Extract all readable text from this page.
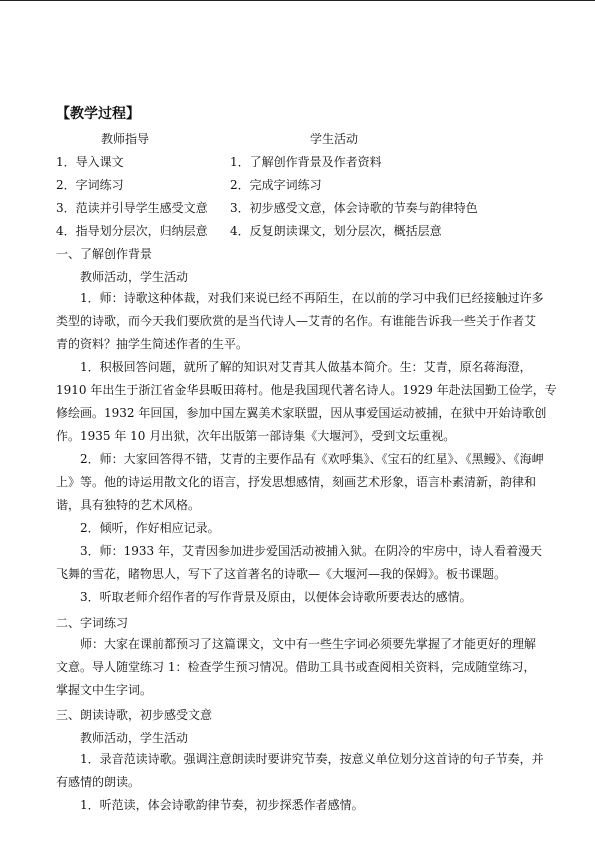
【教学过程】
教师指导	学生活动
1．导入课文	1．了解创作背景及作者资料
2．字词练习	2．完成字词练习
3．范读并引导学生感受文意 3．初步感受文意，体会诗歌的节奏与韵律特色
4．指导划分层次，归纳层意 4．反复朗读课文，划分层次，概括层意
一、了解创作背景
教师活动，学生活动
1．师：诗歌这种体裁，对我们来说已经不再陌生，在以前的学习中我们已经接触过许多
类型的诗歌，而今天我们要欣赏的是当代诗人—艾青的名作。有谁能告诉我一些关于作者艾
青的资料？抽学生简述作者的生平。
1．积极回答问题，就所了解的知识对艾青其人做基本简介。生：艾青，原名蒋海澄，
1910 年出生于浙江省金华县畈田蒋村。他是我国现代著名诗人。1929 年赴法国勤工俭学，专
修绘画。1932 年回国，参加中国左翼美术家联盟，因从事爱国运动被捕，在狱中开始诗歌创
作。1935 年 10 月出狱，次年出版第一部诗集《大堰河》，受到文坛重视。
2．师：大家回答得不错，艾青的主要作品有《欢呼集》、《宝石的红星》、《黑鳗》、《海岬
上》等。他的诗运用散文化的语言，抒发思想感情，刻画艺术形象，语言朴素清新，韵律和
谐，具有独特的艺术风格。
2．倾听，作好相应记录。
3．师：1933 年，艾青因参加进步爱国活动被捕入狱。在阴冷的牢房中，诗人看着漫天
飞舞的雪花，睹物思人，写下了这首著名的诗歌—《大堰河—我的保姆》。板书课题。
3．听取老师介绍作者的写作背景及原由，以便体会诗歌所要表达的感情。
二、字词练习
师：大家在课前都预习了这篇课文，文中有一些生字词必须要先掌握了才能更好的理解
文意。导人随堂练习 1：检查学生预习情况。借助工具书或查阅相关资料，完成随堂练习，
掌握文中生字词。
三、朗读诗歌，初步感受文意
教师活动，学生活动
1．录音范读诗歌。强调注意朗读时要讲究节奏，按意义单位划分这首诗的句子节奏，并
有感情的朗读。
1．听范读，体会诗歌韵律节奏，初步探悉作者感情。
